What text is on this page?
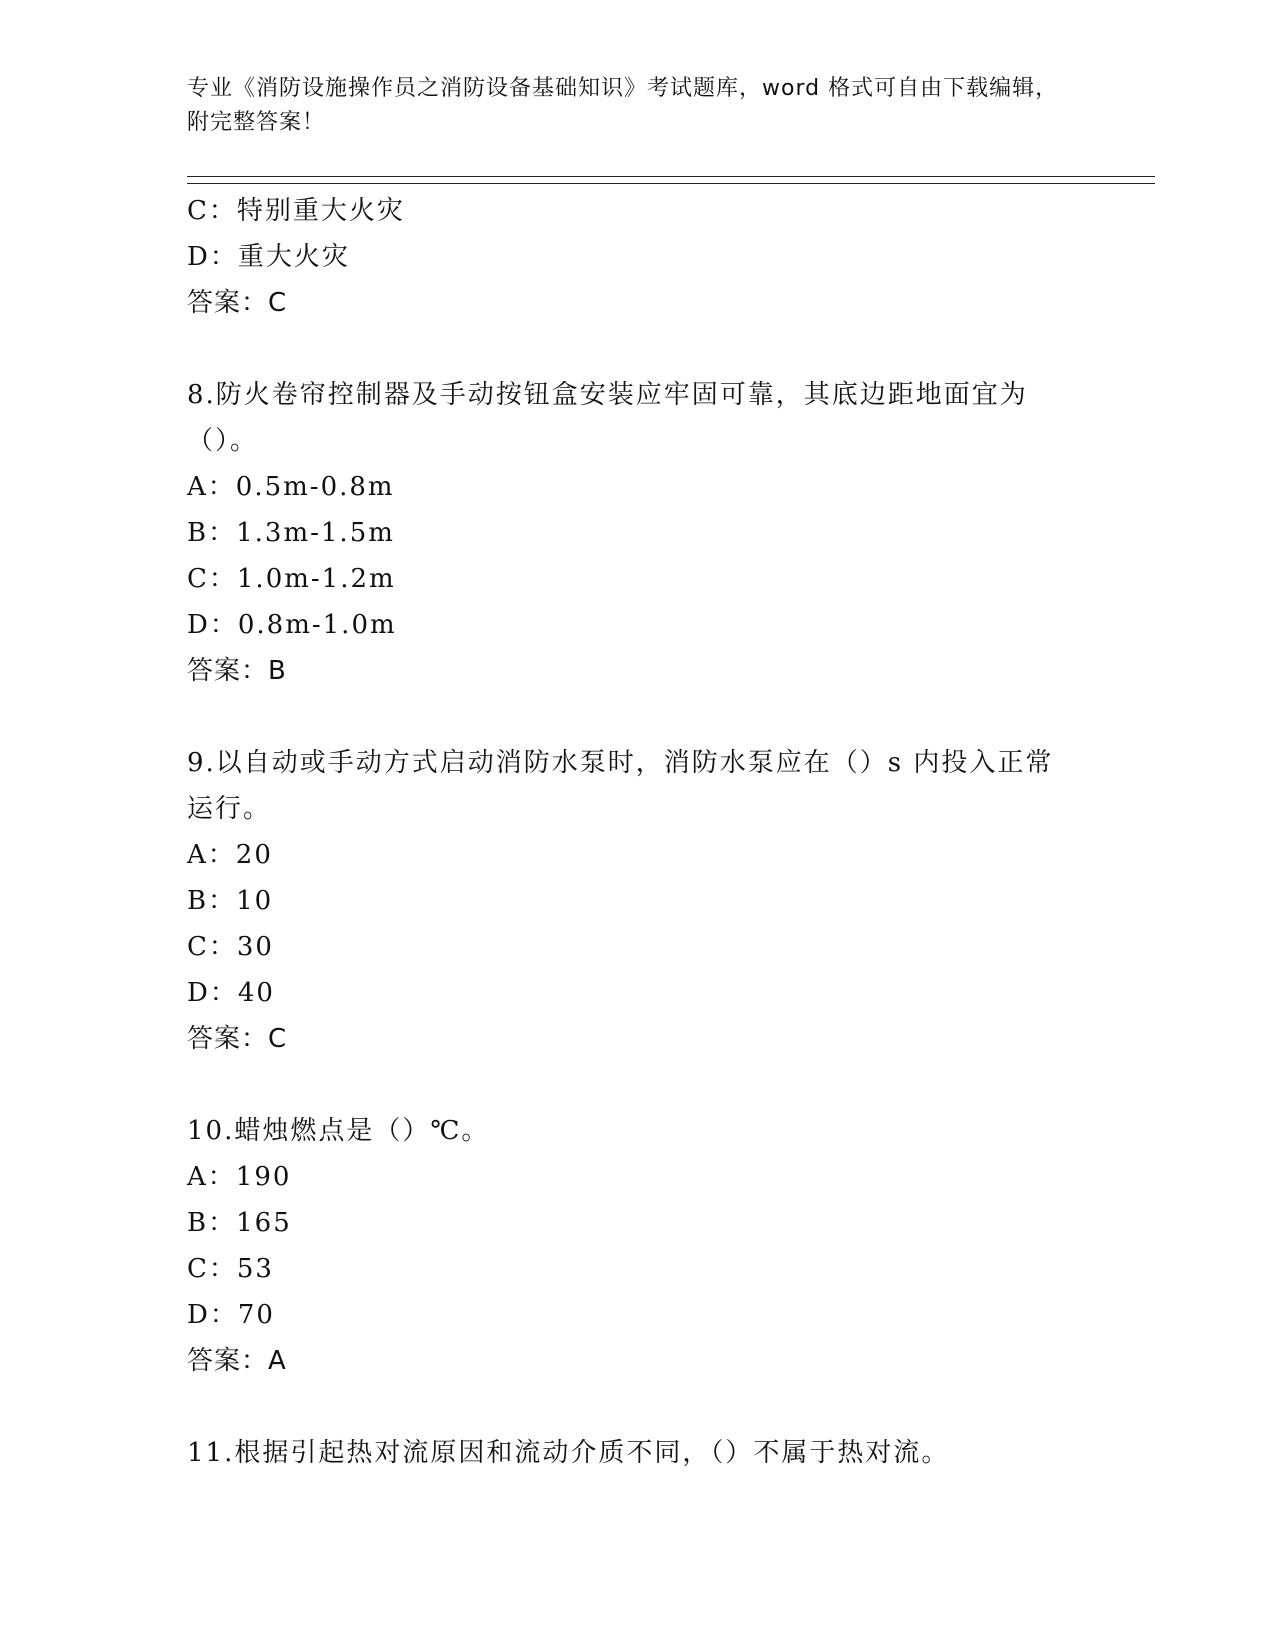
专业《消防设施操作员之消防设备基础知识》考试题库，word 格式可自由下载编辑，附完整答案！
C：特别重大火灾
D：重大火灾
答案：C
8.防火卷帘控制器及手动按钮盒安装应牢固可靠，其底边距地面宜为
（）。
A：0.5m-0.8m
B：1.3m-1.5m
C：1.0m-1.2m
D：0.8m-1.0m
答案：B
9.以自动或手动方式启动消防水泵时，消防水泵应在（）s 内投入正常
运行。
A：20
B：10
C：30
D：40
答案：C
10.蜡烛燃点是（）℃。
A：190
B：165
C：53
D：70
答案：A
11.根据引起热对流原因和流动介质不同，（）不属于热对流。
